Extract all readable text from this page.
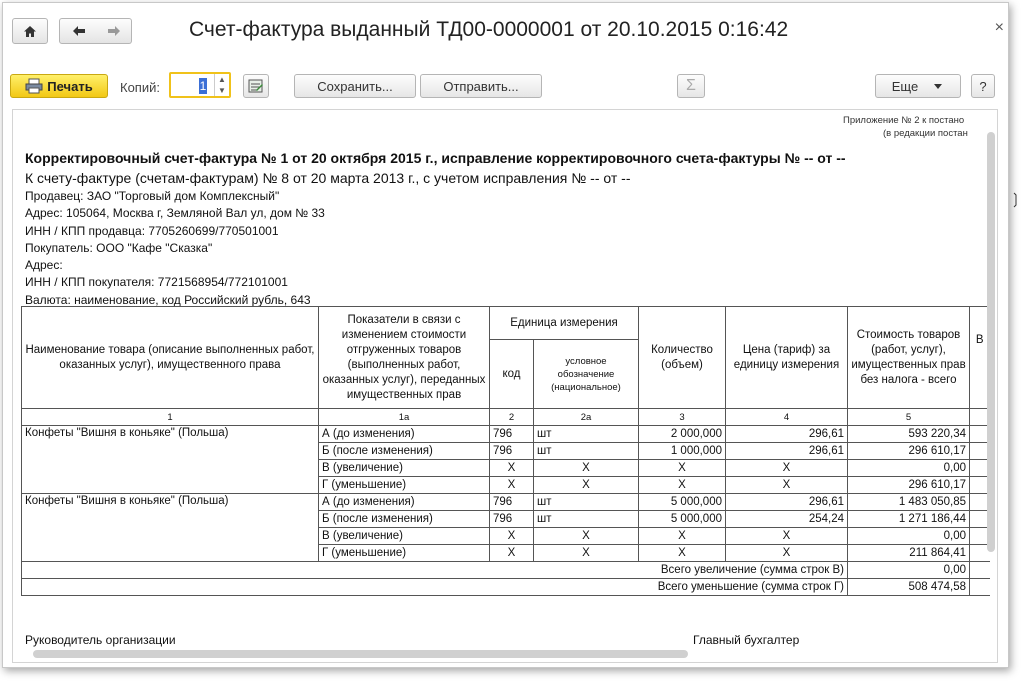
Счет-фактура выданный ТД00-0000001 от 20.10.2015 0:16:42	×
Печать Копий:	1	▲
▼	Сохранить...	Отправить...	Σ	Еще	?
Приложение № 2 к постано
(в редакции постан
Корректировочный счет-фактура № 1 от 20 октября 2015 г., исправление корректировочного счета-фактуры № -- от --
К счету-фактуре (счетам-фактурам) № 8 от 20 марта 2013 г., с учетом исправления № -- от --
Продавец: ЗАО "Торговый дом Комплексный"
Адрес: 105064, Москва г, Земляной Вал ул, дом № 33
ИНН / КПП продавца: 7705260699/770501001
Покупатель: ООО "Кафе "Сказка"
Адрес:
ИНН / КПП покупателя: 7721568954/772101001
Валюта: наименование, код Российский рубль, 643
Наименование товара (описание выполненных работ, оказанных услуг), имущественного права	Показатели в связи с изменением стоимости отгруженных товаров (выполненных работ, оказанных услуг), переданных имущественных прав	Единица измерения		Количество (объем)	Цена (тариф) за единицу измерения	Стоимость товаров (работ, услуг), имущественных прав без налога - всего	В
		код	условное обозначение (национальное)				
1	1а	2	2а	3	4	5	
Конфеты "Вишня в коньяке" (Польша)	А (до изменения)	796	шт	2 000,000	296,61	593 220,34	
	Б (после изменения)	796	шт	1 000,000	296,61	296 610,17	
	В (увеличение)	Х	Х	Х	Х	0,00	
	Г (уменьшение)	Х	Х	Х	Х	296 610,17	
Конфеты "Вишня в коньяке" (Польша)	А (до изменения)	796	шт	5 000,000	296,61	1 483 050,85	
	Б (после изменения)	796	шт	5 000,000	254,24	1 271 186,44	
	В (увеличение)	Х	Х	Х	Х	0,00	
	Г (уменьшение)	Х	Х	Х	Х	211 864,41	
Всего увеличение (сумма строк В)						0,00	
Всего уменьшение (сумма строк Г)						508 474,58	
Руководитель организации	Главный бухгалтер
